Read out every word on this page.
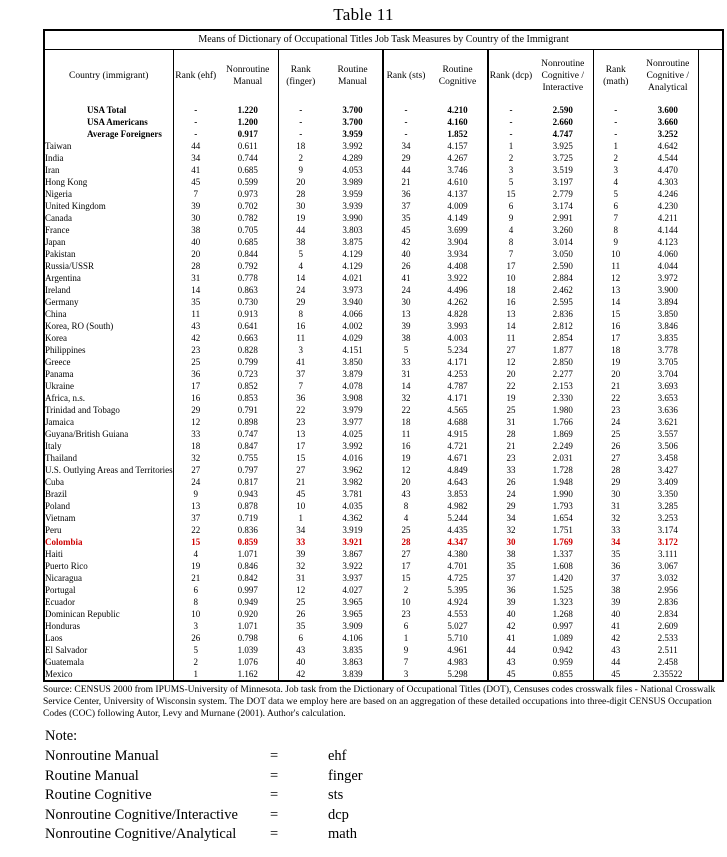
Table 11
Means of Dictionary of Occupational Titles Job Task Measures by Country of the Immigrant											
Country (immigrant)	Rank (ehf)	Nonroutine Manual	Rank (finger)	Routine Manual	Rank (sts)	Routine Cognitive	Rank (dcp)	Nonroutine Cognitive / Interactive	Rank (math)	Nonroutine Cognitive / Analytical	
USA Total	-	1.220	-	3.700	-	4.210	-	2.590	-	3.600	
USA Americans	-	1.200	-	3.700	-	4.160	-	2.660	-	3.660	
Average Foreigners	-	0.917	-	3.959	-	1.852	-	4.747	-	3.252	
Taiwan	44	0.611	18	3.992	34	4.157	1	3.925	1	4.642	
India	34	0.744	2	4.289	29	4.267	2	3.725	2	4.544	
Iran	41	0.685	9	4.053	44	3.746	3	3.519	3	4.470	
Hong Kong	45	0.599	20	3.989	21	4.610	5	3.197	4	4.303	
Nigeria	7	0.973	28	3.959	36	4.137	15	2.779	5	4.246	
United Kingdom	39	0.702	30	3.939	37	4.009	6	3.174	6	4.230	
Canada	30	0.782	19	3.990	35	4.149	9	2.991	7	4.211	
France	38	0.705	44	3.803	45	3.699	4	3.260	8	4.144	
Japan	40	0.685	38	3.875	42	3.904	8	3.014	9	4.123	
Pakistan	20	0.844	5	4.129	40	3.934	7	3.050	10	4.060	
Russia/USSR	28	0.792	4	4.129	26	4.408	17	2.590	11	4.044	
Argentina	31	0.778	14	4.021	41	3.922	10	2.884	12	3.972	
Ireland	14	0.863	24	3.973	24	4.496	18	2.462	13	3.900	
Germany	35	0.730	29	3.940	30	4.262	16	2.595	14	3.894	
China	11	0.913	8	4.066	13	4.828	13	2.836	15	3.850	
Korea, RO (South)	43	0.641	16	4.002	39	3.993	14	2.812	16	3.846	
Korea	42	0.663	11	4.029	38	4.003	11	2.854	17	3.835	
Philippines	23	0.828	3	4.151	5	5.234	27	1.877	18	3.778	
Greece	25	0.799	41	3.850	33	4.171	12	2.850	19	3.705	
Panama	36	0.723	37	3.879	31	4.253	20	2.277	20	3.704	
Ukraine	17	0.852	7	4.078	14	4.787	22	2.153	21	3.693	
Africa, n.s.	16	0.853	36	3.908	32	4.171	19	2.330	22	3.653	
Trinidad and Tobago	29	0.791	22	3.979	22	4.565	25	1.980	23	3.636	
Jamaica	12	0.898	23	3.977	18	4.688	31	1.766	24	3.621	
Guyana/British Guiana	33	0.747	13	4.025	11	4.915	28	1.869	25	3.557	
Italy	18	0.847	17	3.992	16	4.721	21	2.249	26	3.506	
Thailand	32	0.755	15	4.016	19	4.671	23	2.031	27	3.458	
U.S. Outlying Areas and Territories	27	0.797	27	3.962	12	4.849	33	1.728	28	3.427	
Cuba	24	0.817	21	3.982	20	4.643	26	1.948	29	3.409	
Brazil	9	0.943	45	3.781	43	3.853	24	1.990	30	3.350	
Poland	13	0.878	10	4.035	8	4.982	29	1.793	31	3.285	
Vietnam	37	0.719	1	4.362	4	5.244	34	1.654	32	3.253	
Peru	22	0.836	34	3.919	25	4.435	32	1.751	33	3.174	
Colombia	15	0.859	33	3.921	28	4.347	30	1.769	34	3.172	
Haiti	4	1.071	39	3.867	27	4.380	38	1.337	35	3.111	
Puerto Rico	19	0.846	32	3.922	17	4.701	35	1.608	36	3.067	
Nicaragua	21	0.842	31	3.937	15	4.725	37	1.420	37	3.032	
Portugal	6	0.997	12	4.027	2	5.395	36	1.525	38	2.956	
Ecuador	8	0.949	25	3.965	10	4.924	39	1.323	39	2.836	
Dominican Republic	10	0.920	26	3.965	23	4.553	40	1.268	40	2.834	
Honduras	3	1.071	35	3.909	6	5.027	42	0.997	41	2.609	
Laos	26	0.798	6	4.106	1	5.710	41	1.089	42	2.533	
El Salvador	5	1.039	43	3.835	9	4.961	44	0.942	43	2.511	
Guatemala	2	1.076	40	3.863	7	4.983	43	0.959	44	2.458	
Mexico	1	1.162	42	3.839	3	5.298	45	0.855	45	2.35522	
Source: CENSUS 2000 from IPUMS-University of Minnesota. Job task from the Dictionary of Occupational Titles (DOT), Censuses codes crosswalk files - National Crosswalk Service Center, University of Wisconsin system. The DOT data we employ here are based on an aggregation of these detailed occupations into three-digit CENSUS Occupation Codes (COC) following Autor, Levy and Murnane (2001). Author's calculation.
Note:
Nonroutine Manual	=	ehf
Routine Manual	=	finger
Routine Cognitive	=	sts
Nonroutine Cognitive/Interactive	=	dcp
Nonroutine Cognitive/Analytical	=	math
